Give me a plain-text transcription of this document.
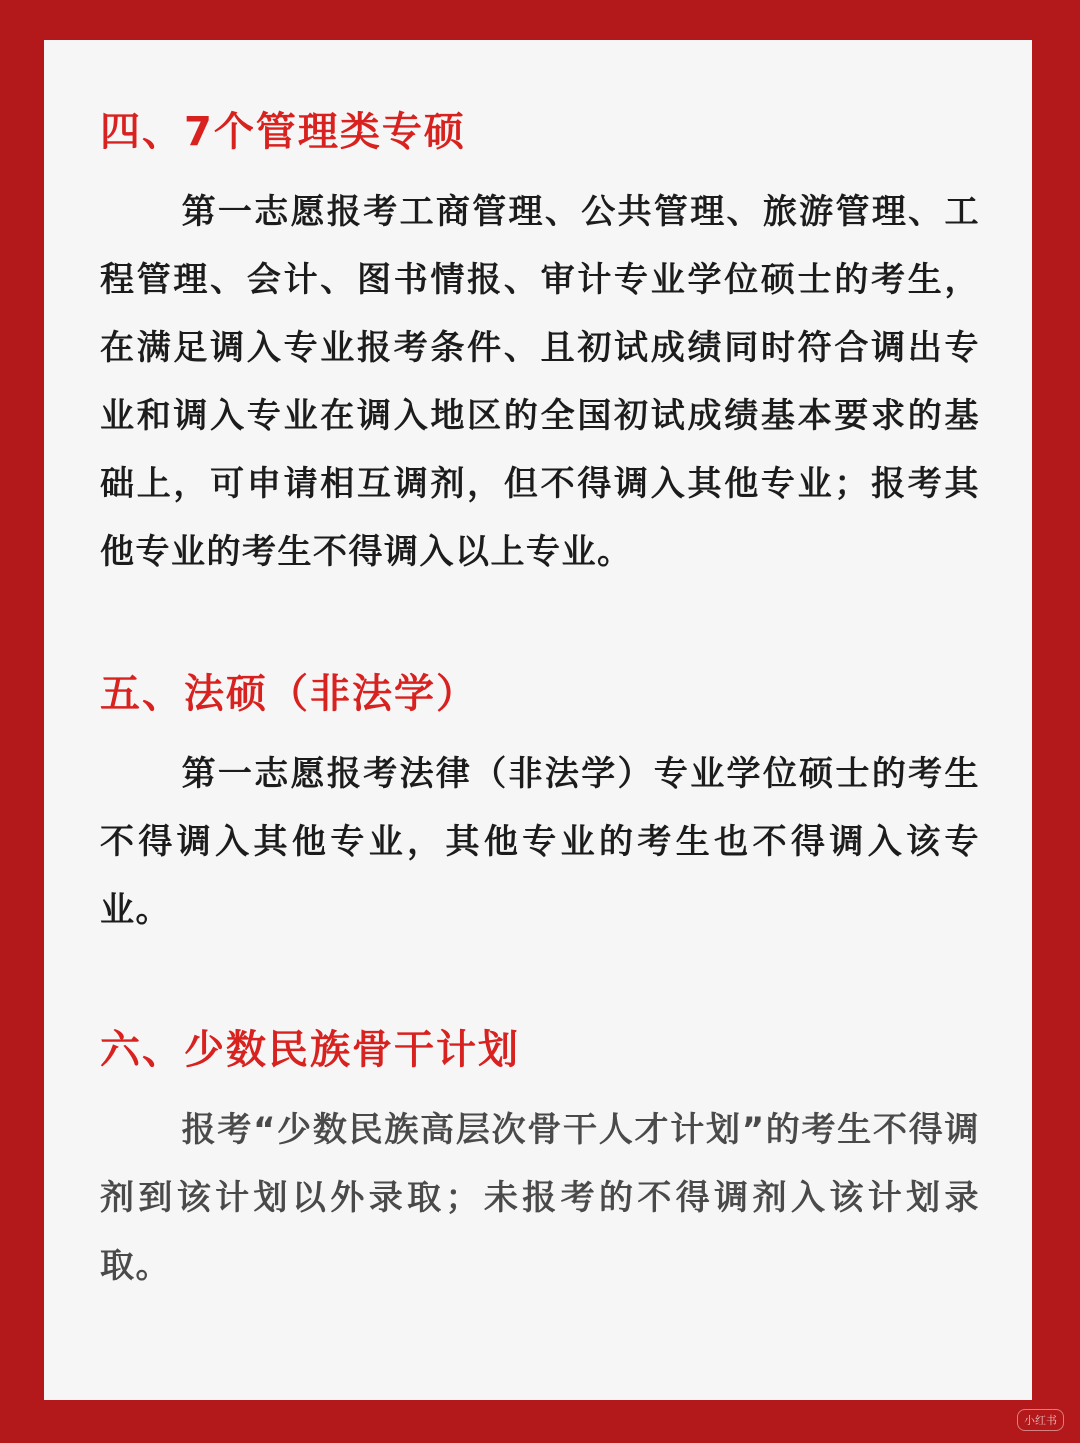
四、7个管理类专硕

第一志愿报考工商管理、公共管理、旅游管理、工程管理、会计、图书情报、审计专业学位硕士的考生，在满足调入专业报考条件、且初试成绩同时符合调出专业和调入专业在调入地区的全国初试成绩基本要求的基础上，可申请相互调剂，但不得调入其他专业；报考其他专业的考生不得调入以上专业。

五、法硕（非法学）

第一志愿报考法律（非法学）专业学位硕士的考生不得调入其他专业，其他专业的考生也不得调入该专业。

六、少数民族骨干计划

报考“少数民族高层次骨干人才计划”的考生不得调剂到该计划以外录取；未报考的不得调剂入该计划录取。

小红书
